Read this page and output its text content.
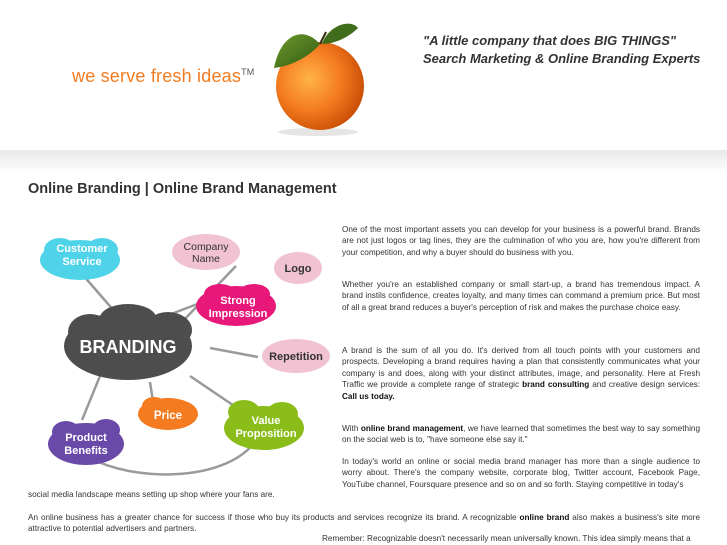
we serve fresh ideas™
"A little company that does BIG THINGS"
Search Marketing & Online Branding Experts
Online Branding | Online Brand Management
BRANDING
Customer
Service
Company
Name
Logo
Strong
Impression
Repetition
Price	Value
Proposition
Product
Benefits

One of the most important assets you can develop for your business is a powerful brand. Brands are not just logos or tag lines, they are the culmination of who you are, how you're different from your competition, and why a buyer should do business with you.

Whether you're an established company or small start-up, a brand has tremendous impact. A brand instils confidence, creates loyalty, and many times can command a premium price. But most of all a great brand reduces a buyer's perception of risk and makes the purchase choice easy.

A brand is the sum of all you do. It's derived from all touch points with your customers and prospects. Developing a brand requires having a plan that consistently communicates what your company is and does, along with your distinct attributes, image, and personality. Here at Fresh Traffic we provide a complete range of strategic brand consulting and creative design services: Call us today.

With online brand management, we have learned that sometimes the best way to say something on the social web is to, "have someone else say it."

In today's world an online or social media brand manager has more than a single audience to worry about. There's the company website, corporate blog, Twitter account, Facebook Page, YouTube channel, Foursquare presence and so on and so forth. Staying competitive in today's

social media landscape means setting up shop where your fans are.

An online business has a greater chance for success if those who buy its products and services recognize its brand. A recognizable online brand also makes a business's site more attractive to potential advertisers and partners.

Remember: Recognizable doesn't necessarily mean universally known. This idea simply means that a
